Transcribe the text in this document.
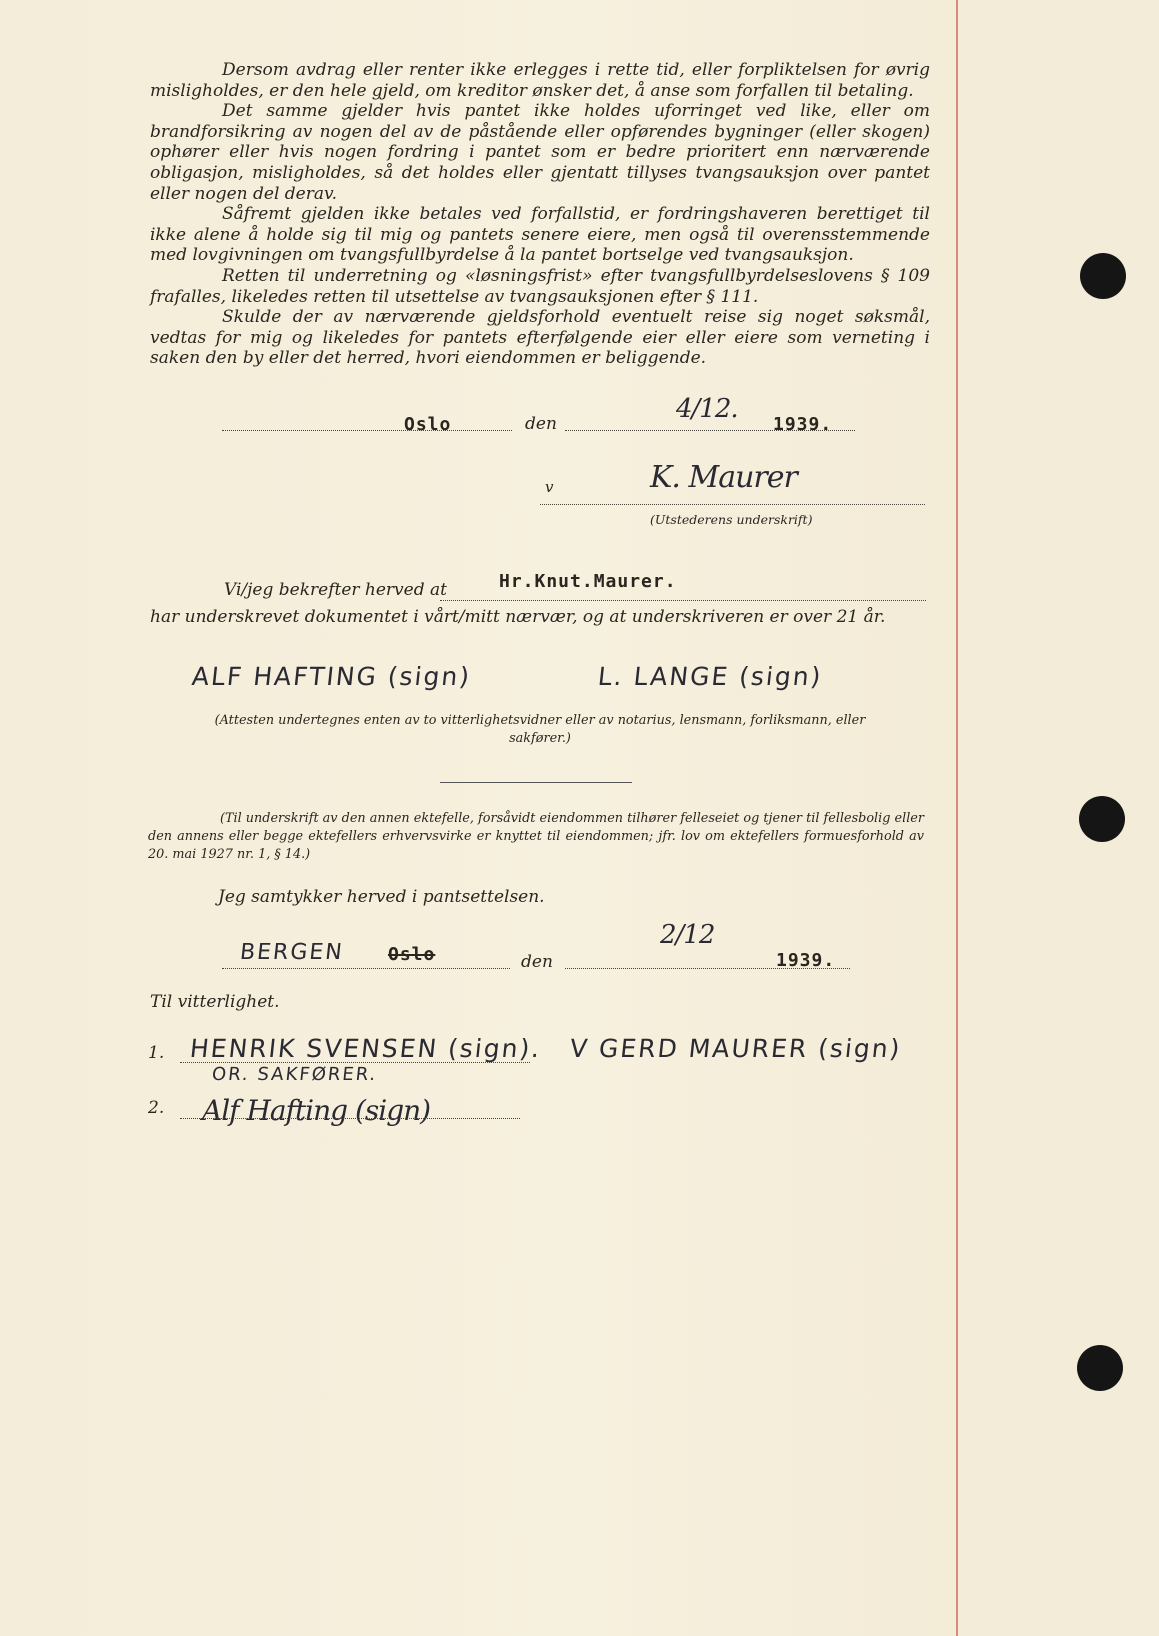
Dersom avdrag eller renter ikke erlegges i rette tid, eller forpliktelsen for øvrig misligholdes, er den hele gjeld, om kreditor ønsker det, å anse som forfallen til betaling.

Det samme gjelder hvis pantet ikke holdes uforringet ved like, eller om brandforsikring av nogen del av de påstående eller opførendes bygninger (eller skogen) ophører eller hvis nogen fordring i pantet som er bedre prioritert enn nærværende obligasjon, misligholdes, så det holdes eller gjentatt tillyses tvangsauksjon over pantet eller nogen del derav.

Såfremt gjelden ikke betales ved forfallstid, er fordringshaveren berettiget til ikke alene å holde sig til mig og pantets senere eiere, men også til overensstemmende med lovgivningen om tvangsfullbyrdelse å la pantet bortselge ved tvangsauksjon.

Retten til underretning og «løsningsfrist» efter tvangsfullbyrdelseslovens § 109 frafalles, likeledes retten til utsettelse av tvangsauksjonen efter § 111.

Skulde der av nærværende gjeldsforhold eventuelt reise sig noget søksmål, vedtas for mig og likeledes for pantets efterfølgende eier eller eiere som verneting i saken den by eller det herred, hvori eiendommen er beliggende.

Oslo	den	4/12.
1939.
v	K. Maurer
(Utstederens underskrift)
Vi/jeg bekrefter herved at	Hr.Knut.Maurer.
har underskrevet dokumentet i vårt/mitt nærvær, og at underskriveren er over 21 år.
ALF HAFTING (sign)	L. LANGE (sign)
(Attesten undertegnes enten av to vitterlighetsvidner eller av notarius, lensmann, forliksmann, eller sakfører.)
(Til underskrift av den annen ektefelle, forsåvidt eiendommen tilhører felleseiet og tjener til fellesbolig eller den annens eller begge ektefellers erhvervsvirke er knyttet til eiendommen; jfr. lov om ektefellers formuesforhold av 20. mai 1927 nr. 1, § 14.)
Jeg samtykker herved i pantsettelsen.
BERGEN Oslo	den
2/12
1939.
Til vitterlighet.
1. HENRIK SVENSEN (sign).
OR. SAKFØRER.
V GERD MAURER (sign)
2. Alf Hafting (sign)
